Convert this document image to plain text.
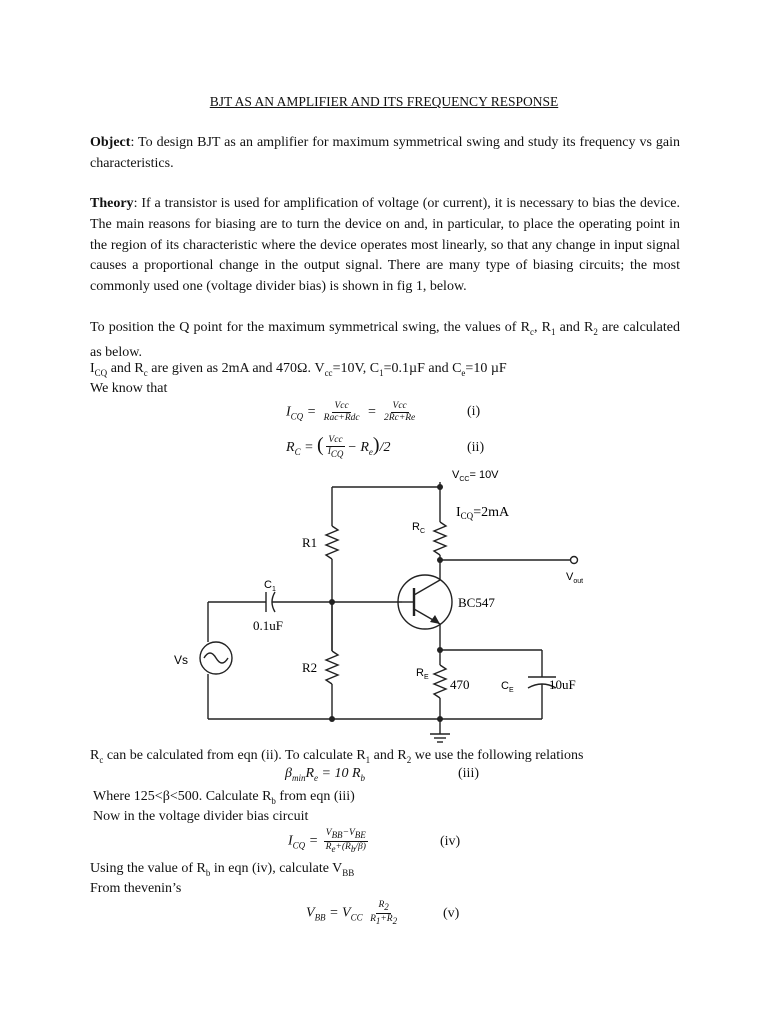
BJT AS AN AMPLIFIER AND ITS FREQUENCY RESPONSE

Object: To design BJT as an amplifier for maximum symmetrical swing and study its frequency vs gain characteristics.

Theory: If a transistor is used for amplification of voltage (or current), it is necessary to bias the device. The main reasons for biasing are to turn the device on and, in particular, to place the operating point in the region of its characteristic where the device operates most linearly, so that any change in input signal causes a proportional change in the output signal. There are many type of biasing circuits; the most commonly used one (voltage divider bias) is shown in fig 1, below.

To position the Q point for the maximum symmetrical swing, the values of $R_c$, $R_1$ and $R_2$ are calculated as below.

$I_{CQ}$ and $R_c$ are given as 2mA and 470Ω. $V_{cc}=10V$, $C_1=0.1\mu F$ and $C_e=10$ µF
We know that
$I_{CQ} = \frac{\text{Vcc}}{\text{Rac+Rdc}} = \frac{\text{Vcc}}{2Rc+Re}$	(i)
$R_C$ = ( $\frac{\text{Vcc}}{I_{CQ}} - R_e)/2$	(ii)
$V_{CC}= 10V$
$I_{CQ}=2mA$
$R_C$
R1
$V_{out}$
BC547
$C_1$
0.1uF
Vs	R2	$R_E$ 470	$C_E$	10uF
$R_c$ can be calculated from eqn (ii). To calculate $R_1$ and $R_2$ we use the following relations
$\beta_{min}R_e = 10$ $R_b$	(iii)
Where 125<β<500. Calculate $R_b$ from eqn (iii)
Now in the voltage divider bias circuit
$I_{CQ} = \frac{V_{BB}-V_{BE}}{R_e+(R_b/\beta)}$	(iv)
Using the value of $R_b$ in eqn (iv), calculate $V_{BB}$
From thevenin’s
$V_{BB} = V_{CC} \frac{R_2}{R_1+R_2}$	(v)
